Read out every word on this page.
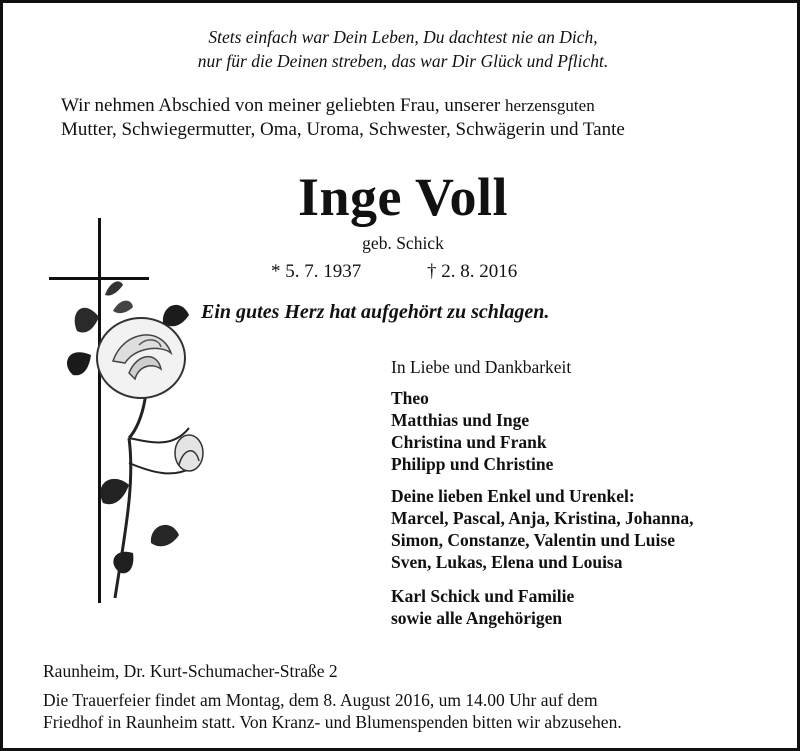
Stets einfach war Dein Leben, Du dachtest nie an Dich,
nur für die Deinen streben, das war Dir Glück und Pflicht.
Wir nehmen Abschied von meiner geliebten Frau, unserer herzensguten
Mutter, Schwiegermutter, Oma, Uroma, Schwester, Schwägerin und Tante
Inge Voll
geb. Schick
* 5. 7. 1937	† 2. 8. 2016
Ein gutes Herz hat aufgehört zu schlagen.
In Liebe und Dankbarkeit
Theo
Matthias und Inge
Christina und Frank
Philipp und Christine
Deine lieben Enkel und Urenkel:
Marcel, Pascal, Anja, Kristina, Johanna,
Simon, Constanze, Valentin und Luise
Sven, Lukas, Elena und Louisa
Karl Schick und Familie
sowie alle Angehörigen
Raunheim, Dr. Kurt-Schumacher-Straße 2
Die Trauerfeier findet am Montag, dem 8. August 2016, um 14.00 Uhr auf dem
Friedhof in Raunheim statt. Von Kranz- und Blumenspenden bitten wir abzusehen.
